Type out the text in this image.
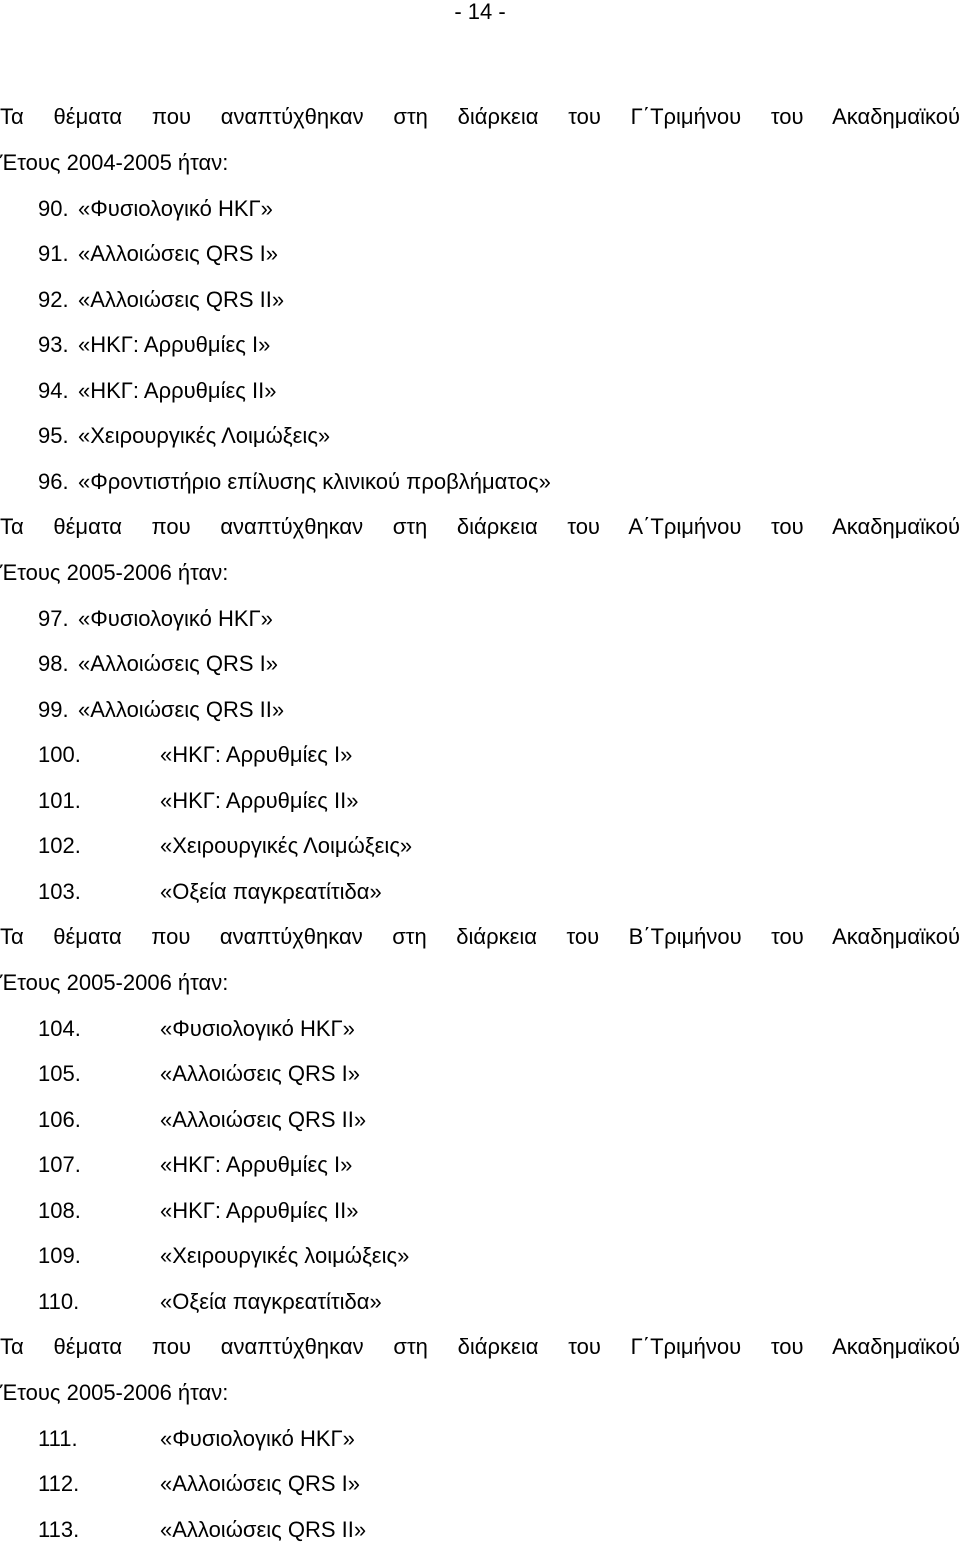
- 14 -
Τα θέματα που αναπτύχθηκαν στη διάρκεια του Γ΄Τριμήνου του Ακαδημαϊκού
Έτους 2004-2005 ήταν:
90. «Φυσιολογικό ΗΚΓ»
91. «Αλλοιώσεις QRS I»
92. «Αλλοιώσεις QRS II»
93. «ΗΚΓ: Αρρυθμίες I»
94. «ΗΚΓ: Αρρυθμίες II»
95. «Χειρουργικές Λοιμώξεις»
96. «Φροντιστήριο επίλυσης κλινικού προβλήματος»
Τα θέματα που αναπτύχθηκαν στη διάρκεια του Α΄Τριμήνου του Ακαδημαϊκού
Έτους 2005-2006 ήταν:
97. «Φυσιολογικό ΗΚΓ»
98. «Αλλοιώσεις QRS I»
99. «Αλλοιώσεις QRS II»
100.	«ΗΚΓ: Αρρυθμίες I»
101.	«ΗΚΓ: Αρρυθμίες II»
102.	«Χειρουργικές Λοιμώξεις»
103.	«Οξεία παγκρεατίτιδα»
Τα θέματα που αναπτύχθηκαν στη διάρκεια του Β΄Τριμήνου του Ακαδημαϊκού
Έτους 2005-2006 ήταν:
104.	«Φυσιολογικό ΗΚΓ»
105.	«Αλλοιώσεις QRS I»
106.	«Αλλοιώσεις QRS II»
107.	«ΗΚΓ: Αρρυθμίες I»
108.	«ΗΚΓ: Αρρυθμίες II»
109.	«Χειρουργικές λοιμώξεις»
110.	«Οξεία παγκρεατίτιδα»
Τα θέματα που αναπτύχθηκαν στη διάρκεια του Γ΄Τριμήνου του Ακαδημαϊκού
Έτους 2005-2006 ήταν:
111.	«Φυσιολογικό ΗΚΓ»
112.	«Αλλοιώσεις QRS I»
113.	«Αλλοιώσεις QRS II»
